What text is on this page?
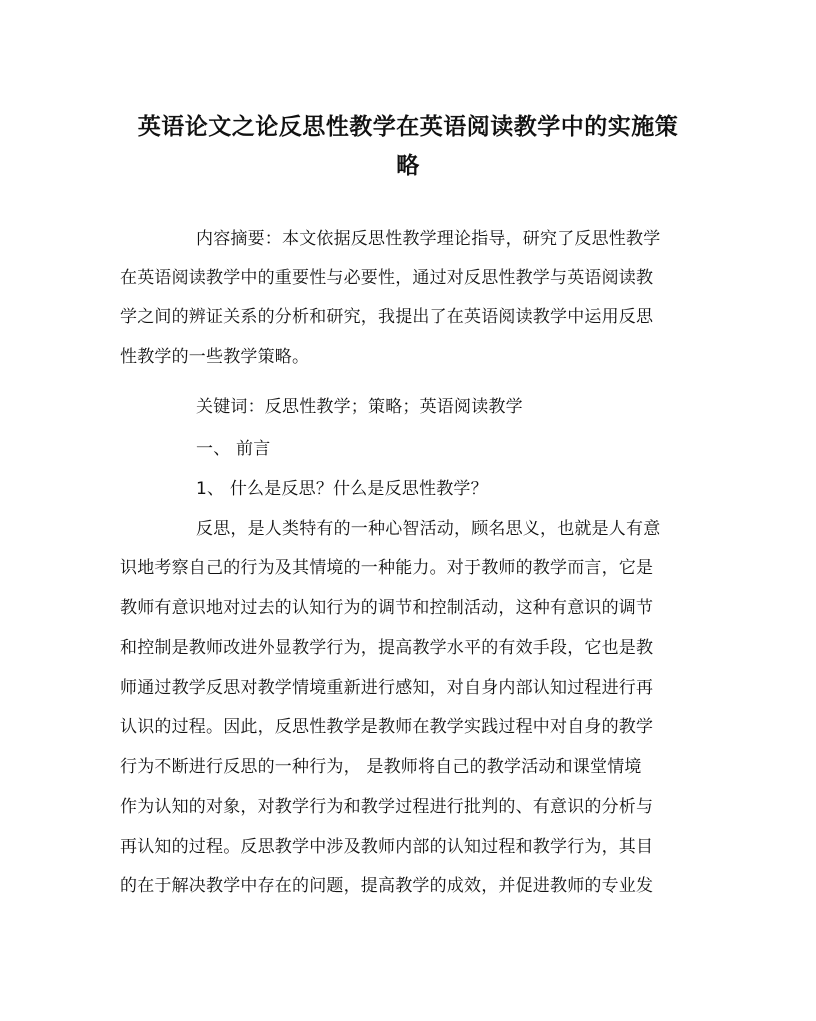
英语论文之论反思性教学在英语阅读教学中的实施策
略
内容摘要：本文依据反思性教学理论指导，研究了反思性教学
在英语阅读教学中的重要性与必要性，通过对反思性教学与英语阅读教
学之间的辨证关系的分析和研究，我提出了在英语阅读教学中运用反思
性教学的一些教学策略。
关键词：反思性教学；策略；英语阅读教学
一、 前言
1、 什么是反思？什么是反思性教学？
反思，是人类特有的一种心智活动，顾名思义，也就是人有意
识地考察自己的行为及其情境的一种能力。对于教师的教学而言，它是
教师有意识地对过去的认知行为的调节和控制活动，这种有意识的调节
和控制是教师改进外显教学行为，提高教学水平的有效手段，它也是教
师通过教学反思对教学情境重新进行感知，对自身内部认知过程进行再
认识的过程。因此，反思性教学是教师在教学实践过程中对自身的教学
行为不断进行反思的一种行为， 是教师将自己的教学活动和课堂情境
作为认知的对象，对教学行为和教学过程进行批判的、有意识的分析与
再认知的过程。反思教学中涉及教师内部的认知过程和教学行为，其目
的在于解决教学中存在的问题，提高教学的成效，并促进教师的专业发
